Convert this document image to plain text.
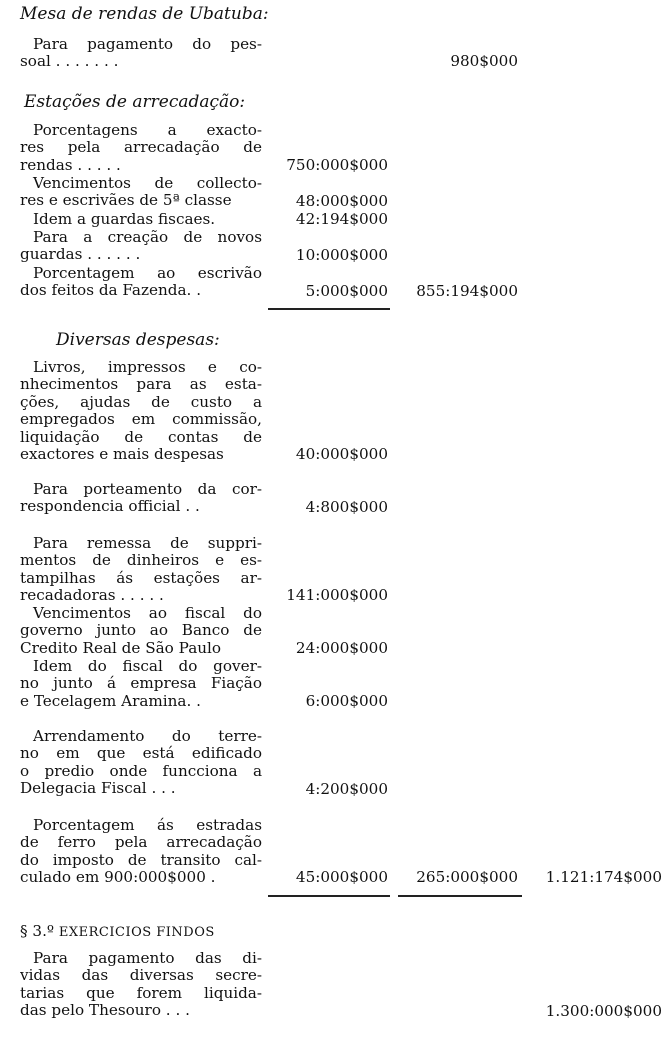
Mesa de rendas de Ubatuba:
Para pagamento do pes-
soal . . . . . . .	980$000
Estações de arrecadação:
Porcentagens a exacto-
res pela arrecadação de
rendas . . . . .	750:000$000
Vencimentos de collecto-
res e escrivães de 5ª classe	48:000$000
Idem a guardas fiscaes.	42:194$000
Para a creação de novos
guardas . . . . . .	10:000$000
Porcentagem ao escrivão
dos feitos da Fazenda. .	5:000$000 855:194$000
Diversas despesas:
Livros, impressos e co-
nhecimentos para as esta-
ções, ajudas de custo a
empregados em commissão,
liquidação de contas de
exactores e mais despesas	40:000$000
Para porteamento da cor-
respondencia official . .	4:800$000
Para remessa de suppri-
mentos de dinheiros e es-
tampilhas ás estações ar-
recadadoras . . . . .	141:000$000
Vencimentos ao fiscal do
governo junto ao Banco de
Credito Real de São Paulo	24:000$000
Idem do fiscal do gover-
no junto á empresa Fiação
e Tecelagem Aramina. .	6:000$000
Arrendamento do terre-
no em que está edificado
o predio onde funcciona a
Delegacia Fiscal . . .	4:200$000
Porcentagem ás estradas
de ferro pela arrecadação
do imposto de transito cal-
culado em 900:000$000 .	45:000$000 265:000$000 1.121:174$000
§ 3.º EXERCICIOS FINDOS
Para pagamento das di-
vidas das diversas secre-
tarias que forem liquida-
das pelo Thesouro . . .	1.300:000$000
